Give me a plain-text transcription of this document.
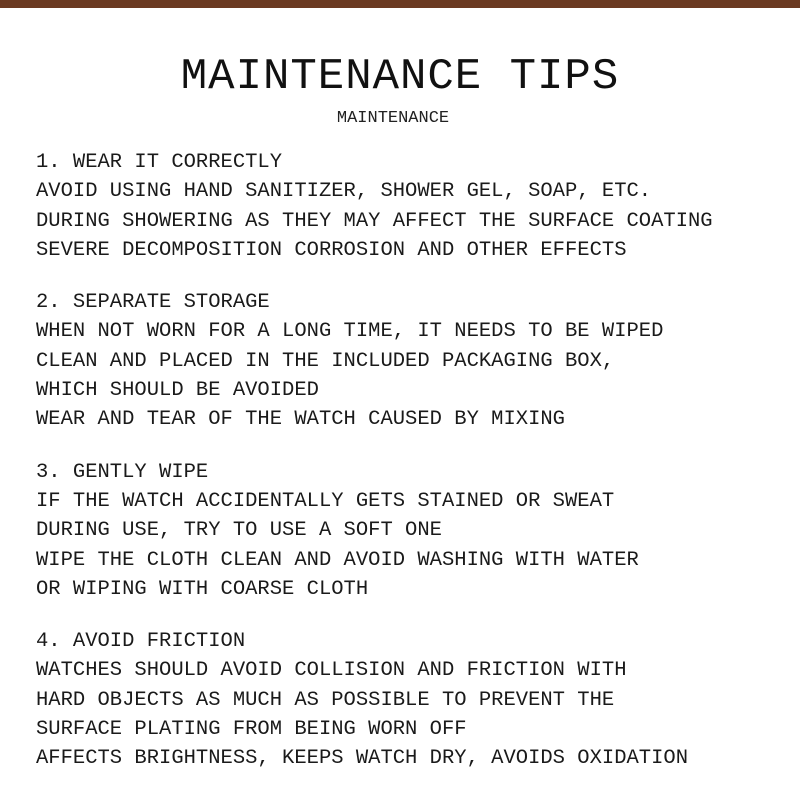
MAINTENANCE TIPS
MAINTENANCE
1. WEAR IT CORRECTLY
AVOID USING HAND SANITIZER, SHOWER GEL, SOAP, ETC.
DURING SHOWERING AS THEY MAY AFFECT THE SURFACE COATING
SEVERE DECOMPOSITION CORROSION AND OTHER EFFECTS
2. SEPARATE STORAGE
WHEN NOT WORN FOR A LONG TIME, IT NEEDS TO BE WIPED
CLEAN AND PLACED IN THE INCLUDED PACKAGING BOX,
WHICH SHOULD BE AVOIDED
WEAR AND TEAR OF THE WATCH CAUSED BY MIXING
3. GENTLY WIPE
IF THE WATCH ACCIDENTALLY GETS STAINED OR SWEAT
DURING USE, TRY TO USE A SOFT ONE
WIPE THE CLOTH CLEAN AND AVOID WASHING WITH WATER
OR WIPING WITH COARSE CLOTH
4. AVOID FRICTION
WATCHES SHOULD AVOID COLLISION AND FRICTION WITH
HARD OBJECTS AS MUCH AS POSSIBLE TO PREVENT THE
SURFACE PLATING FROM BEING WORN OFF
AFFECTS BRIGHTNESS, KEEPS WATCH DRY, AVOIDS OXIDATION
